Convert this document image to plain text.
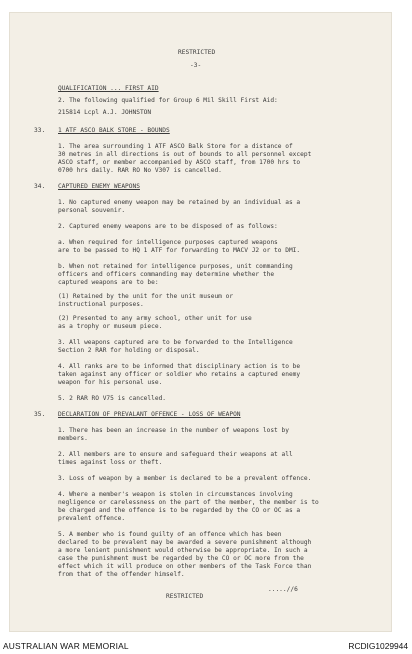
RESTRICTED
-3-
QUALIFICATION ... FIRST AID
2. The following qualified for Group 6 Mil Skill First Aid:
215814 Lcpl A.J. JOHNSTON
33. 1 ATF ASCO BALK STORE - BOUNDS
1. The area surrounding 1 ATF ASCO Balk Store for a distance of
30 metres in all directions is out of bounds to all personnel except
ASCO staff, or member accompanied by ASCO staff, from 1700 hrs to
0700 hrs daily. RAR RO No V307 is cancelled.
34. CAPTURED ENEMY WEAPONS
1. No captured enemy weapon may be retained by an individual as a
personal souvenir.
2. Captured enemy weapons are to be disposed of as follows:
a. When required for intelligence purposes captured weapons
are to be passed to HQ 1 ATF for forwarding to MACV J2 or to DMI.
b. When not retained for intelligence purposes, unit commanding
officers and officers commanding may determine whether the
captured weapons are to be:
(1) Retained by the unit for the unit museum or
instructional purposes.
(2) Presented to any army school, other unit for use
as a trophy or museum piece.
3. All weapons captured are to be forwarded to the Intelligence
Section 2 RAR for holding or disposal.
4. All ranks are to be informed that disciplinary action is to be
taken against any officer or soldier who retains a captured enemy
weapon for his personal use.
5. 2 RAR RO V75 is cancelled.
35. DECLARATION OF PREVALANT OFFENCE - LOSS OF WEAPON
1. There has been an increase in the number of weapons lost by
members.
2. All members are to ensure and safeguard their weapons at all
times against loss or theft.
3. Loss of weapon by a member is declared to be a prevalent offence.
4. Where a member's weapon is stolen in circumstances involving
negligence or carelessness on the part of the member, the member is to
be charged and the offence is to be regarded by the CO or OC as a
prevalent offence.
5. A member who is found guilty of an offence which has been
declared to be prevalent may be awarded a severe punishment although
a more lenient punishment would otherwise be appropriate. In such a
case the punishment must be regarded by the CO or OC more from the
effect which it will produce on other members of the Task Force than
from that of the offender himself.
.....//6
RESTRICTED
AUSTRALIAN WAR MEMORIAL	RCDIG1029944
